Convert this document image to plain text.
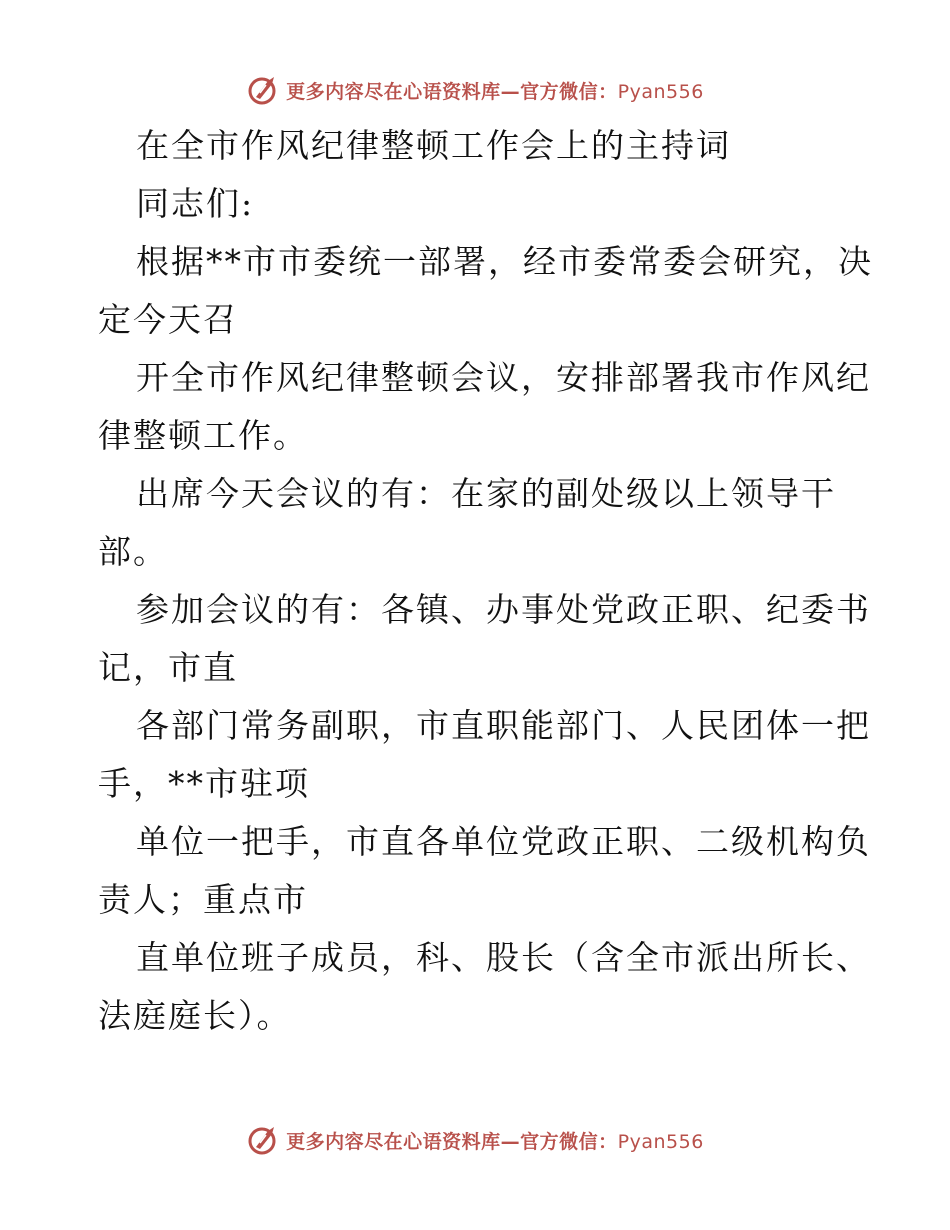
更多内容尽在心语资料库—官方微信：Pyan556
在全市作风纪律整顿工作会上的主持词
同志们:
根据**市市委统一部署，经市委常委会研究，决
定今天召
开全市作风纪律整顿会议，安排部署我市作风纪
律整顿工作。
出席今天会议的有：在家的副处级以上领导干
部。
参加会议的有：各镇、办事处党政正职、纪委书
记，市直
各部门常务副职，市直职能部门、人民团体一把
手，**市驻项
单位一把手，市直各单位党政正职、二级机构负
责人；重点市
直单位班子成员，科、股长（含全市派出所长、
法庭庭长）。
更多内容尽在心语资料库—官方微信：Pyan556
